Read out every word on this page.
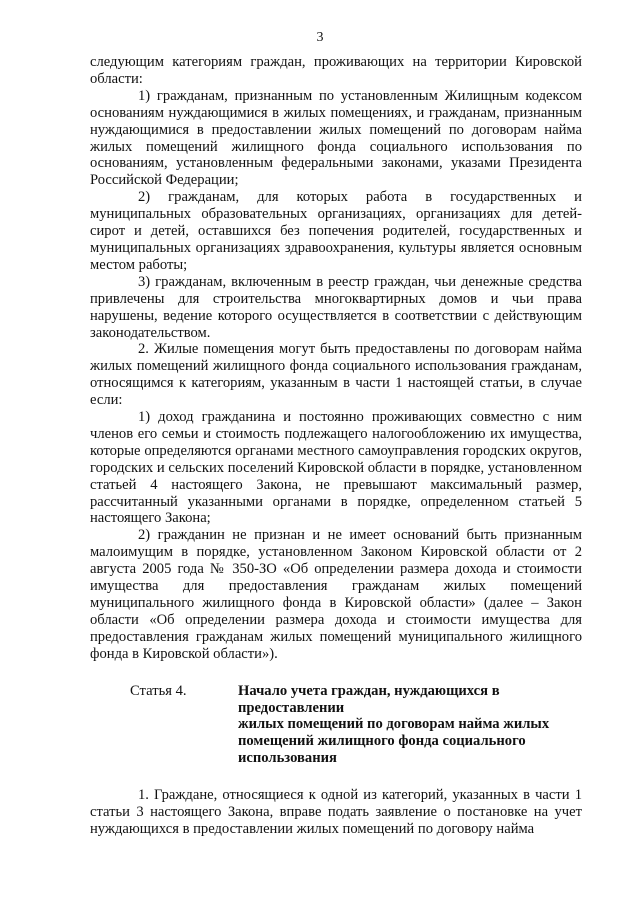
3

следующим категориям граждан, проживающих на территории Кировской области:

1) гражданам, признанным по установленным Жилищным кодексом основаниям нуждающимися в жилых помещениях, и гражданам, признанным нуждающимися в предоставлении жилых помещений по договорам найма жилых помещений жилищного фонда социального использования по основаниям, установленным федеральными законами, указами Президента Российской Федерации;

2) гражданам, для которых работа в государственных и муниципальных образовательных организациях, организациях для детей-сирот и детей, оставшихся без попечения родителей, государственных и муниципальных организациях здравоохранения, культуры является основным местом работы;

3) гражданам, включенным в реестр граждан, чьи денежные средства привлечены для строительства многоквартирных домов и чьи права нарушены, ведение которого осуществляется в соответствии с действующим законодательством.

2. Жилые помещения могут быть предоставлены по договорам найма жилых помещений жилищного фонда социального использования гражданам, относящимся к категориям, указанным в части 1 настоящей статьи, в случае если:

1) доход гражданина и постоянно проживающих совместно с ним членов его семьи и стоимость подлежащего налогообложению их имущества, которые определяются органами местного самоуправления городских округов, городских и сельских поселений Кировской области в порядке, установленном статьей 4 настоящего Закона, не превышают максимальный размер, рассчитанный указанными органами в порядке, определенном статьей 5 настоящего Закона;

2) гражданин не признан и не имеет оснований быть признанным малоимущим в порядке, установленном Законом Кировской области от 2 августа 2005 года № 350-ЗО «Об определении размера дохода и стоимости имущества для предоставления гражданам жилых помещений муниципального жилищного фонда в Кировской области» (далее – Закон области «Об определении размера дохода и стоимости имущества для предоставления гражданам жилых помещений муниципального жилищного фонда в Кировской области»).

Статья 4.	Начало учета граждан, нуждающихся в предоставлении
жилых помещений по договорам найма жилых
помещений жилищного фонда социального
использования

1. Граждане, относящиеся к одной из категорий, указанных в части 1 статьи 3 настоящего Закона, вправе подать заявление о постановке на учет нуждающихся в предоставлении жилых помещений по договору найма
